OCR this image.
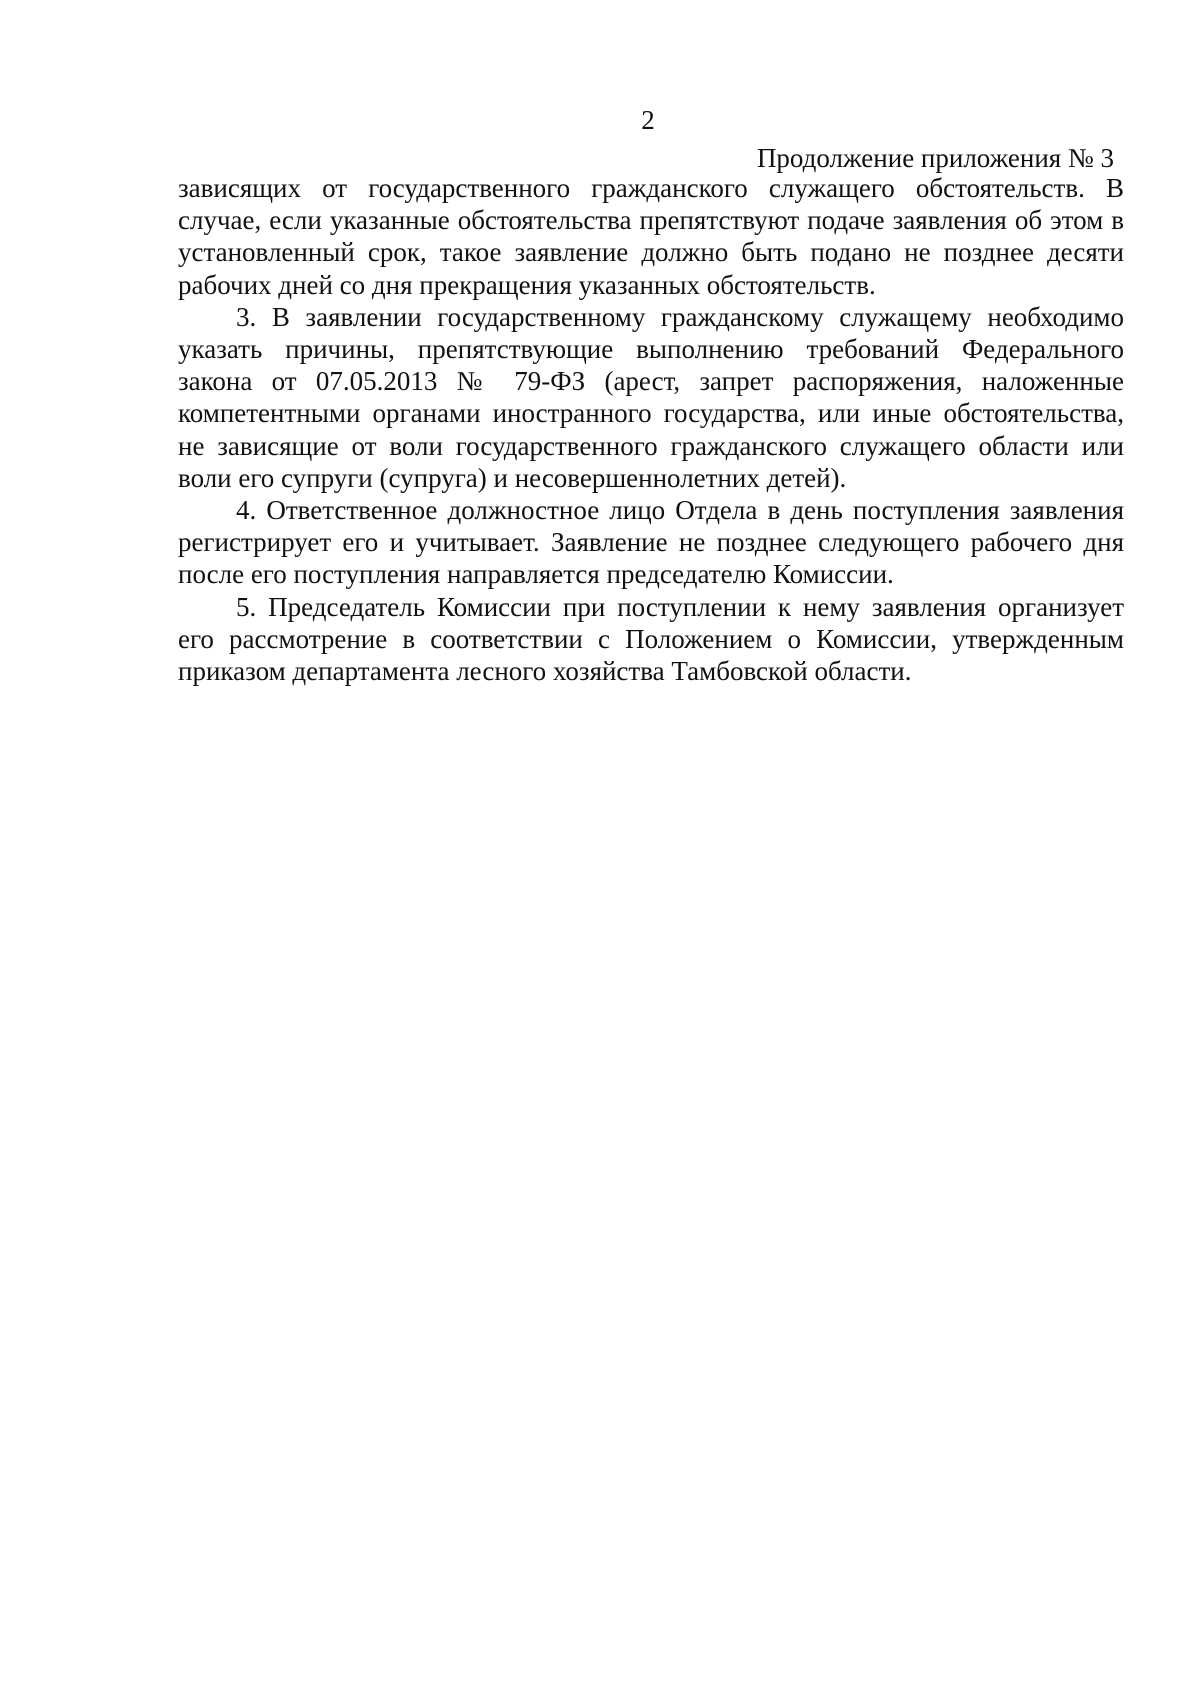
2
Продолжение приложения № 3

зависящих от государственного гражданского служащего обстоятельств. В случае, если указанные обстоятельства препятствуют подаче заявления об этом в установленный срок, такое заявление должно быть подано не позднее десяти рабочих дней со дня прекращения указанных обстоятельств.

3. В заявлении государственному гражданскому служащему необходимо указать причины, препятствующие выполнению требований Федерального закона от 07.05.2013 № 79-ФЗ (арест, запрет распоряжения, наложенные компетентными органами иностранного государства, или иные обстоятельства, не зависящие от воли государственного гражданского служащего области или воли его супруги (супруга) и несовершеннолетних детей).

4. Ответственное должностное лицо Отдела в день поступления заявления регистрирует его и учитывает. Заявление не позднее следующего рабочего дня после его поступления направляется председателю Комиссии.

5. Председатель Комиссии при поступлении к нему заявления организует его рассмотрение в соответствии с Положением о Комиссии, утвержденным приказом департамента лесного хозяйства Тамбовской области.
